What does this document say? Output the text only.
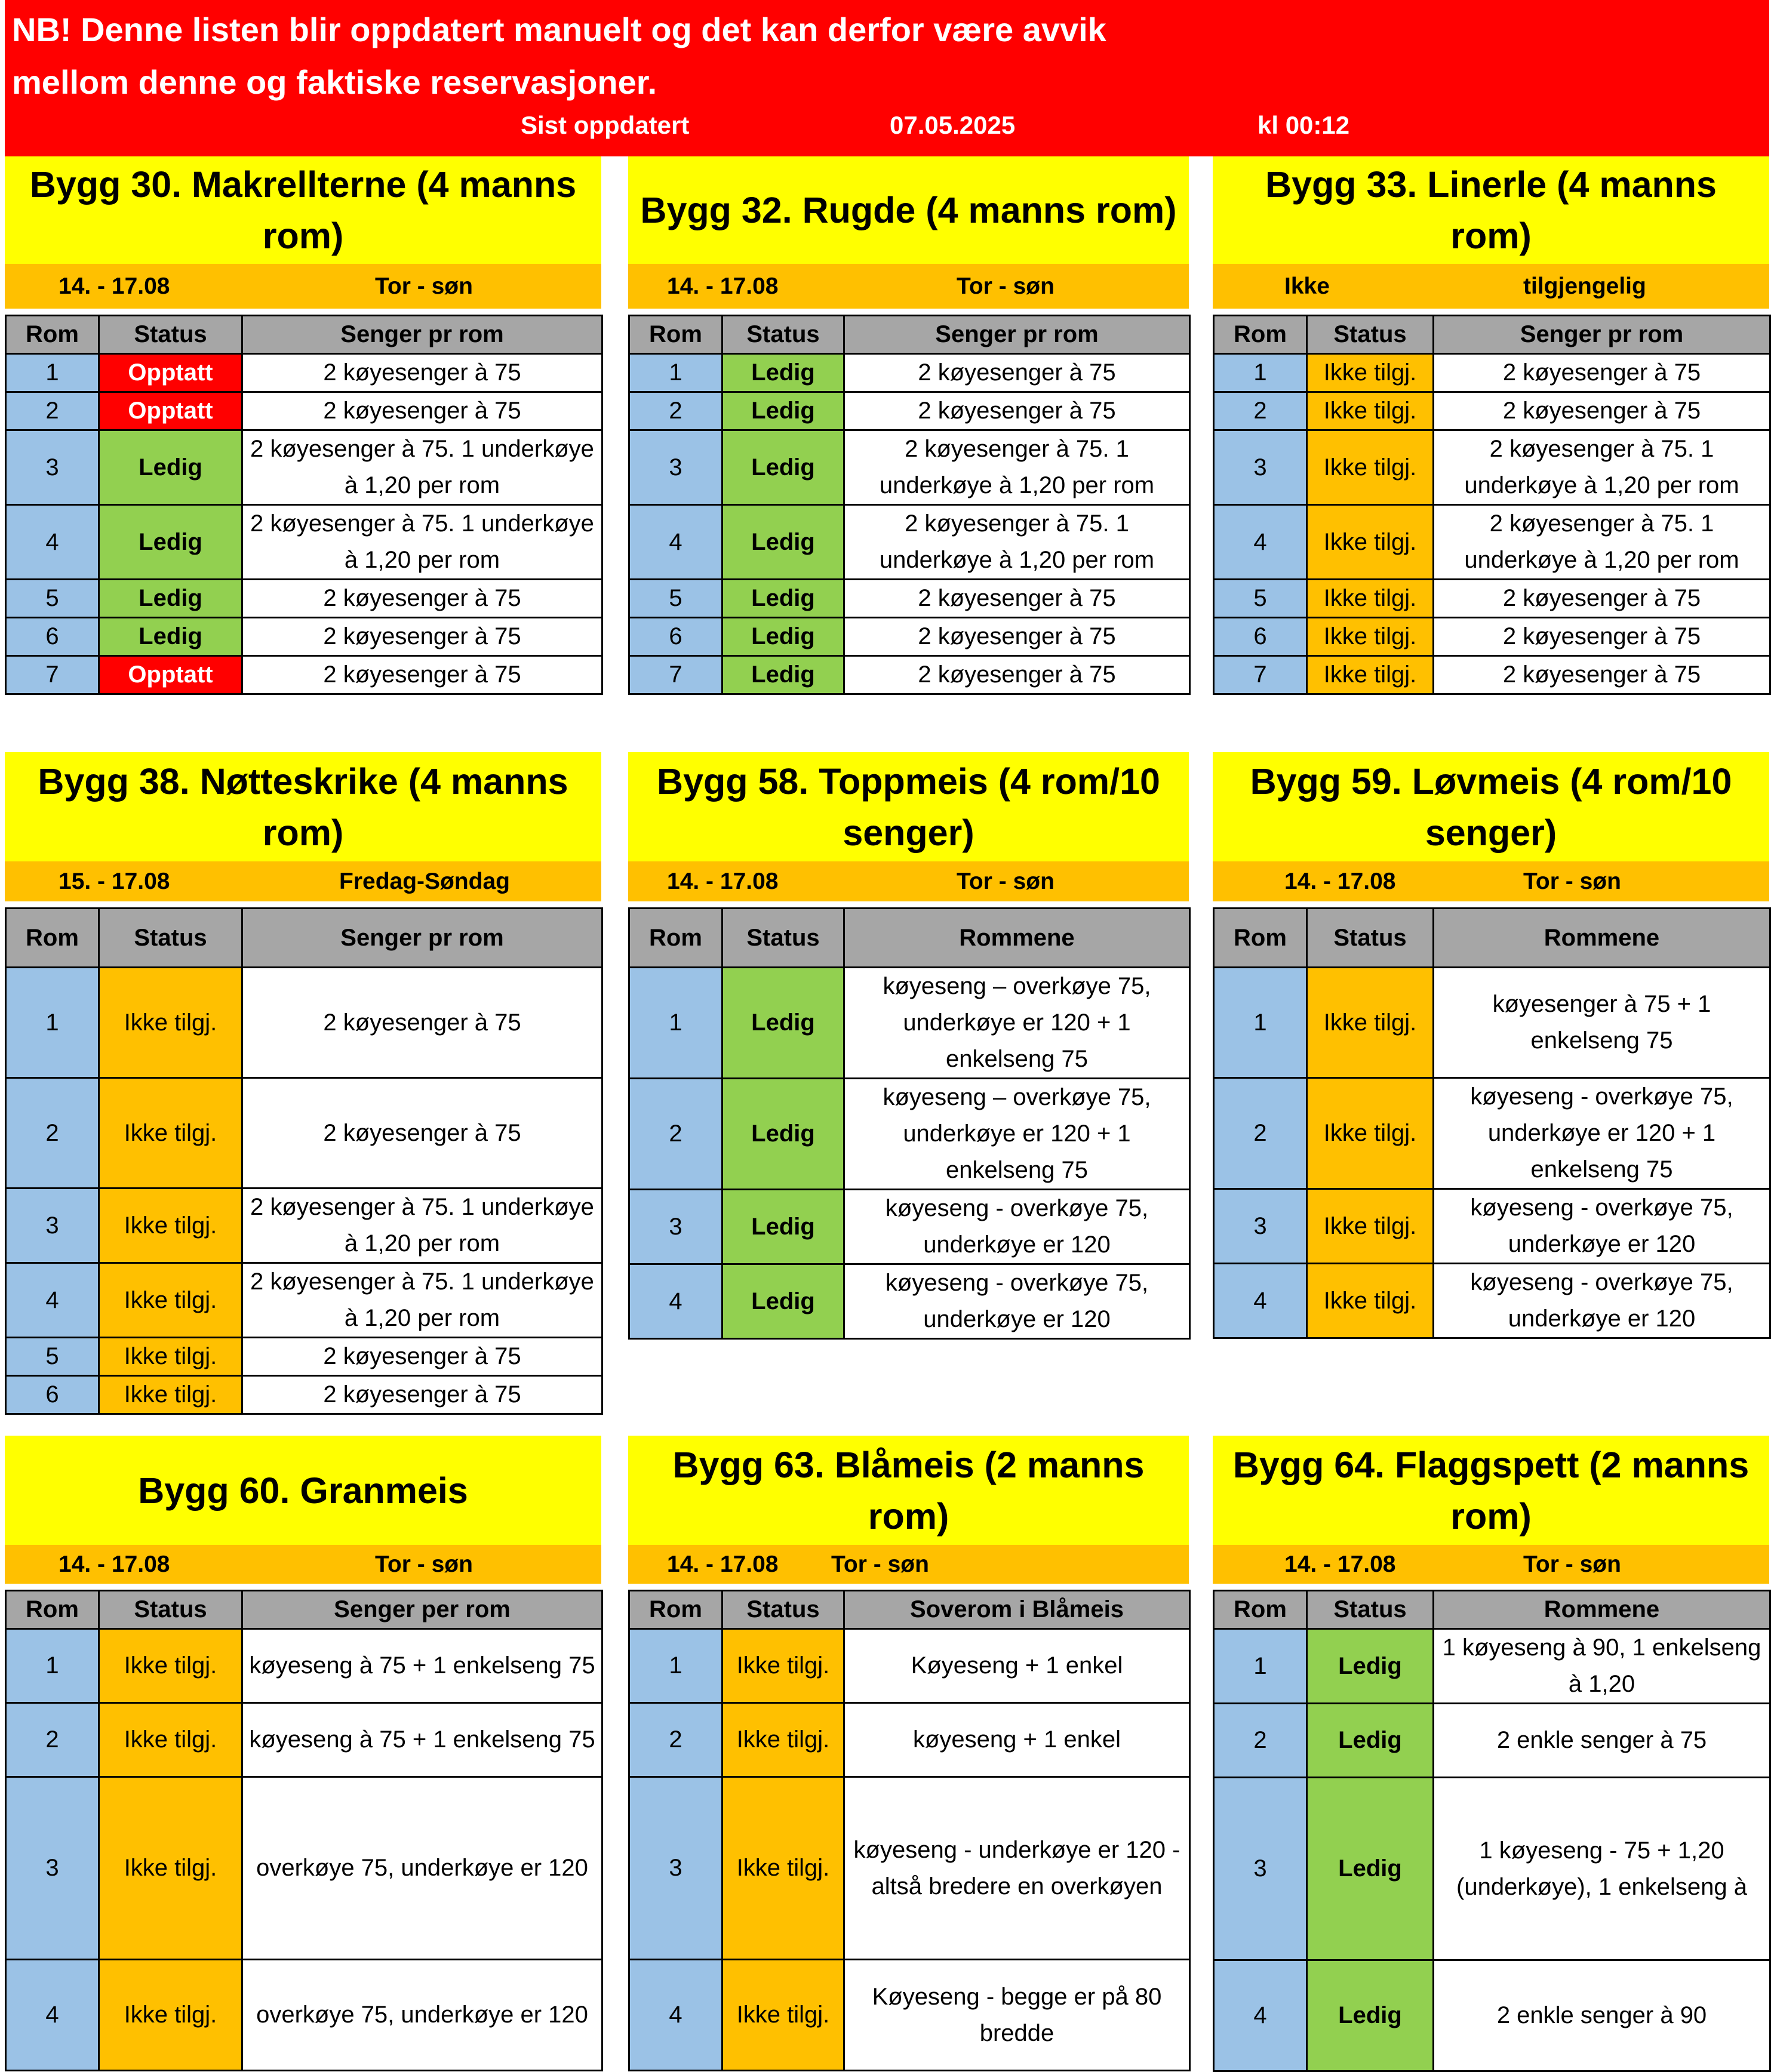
NB! Denne listen blir oppdatert manuelt og det kan derfor være avvik
mellom denne og faktiske reservasjoner.
Sist oppdatert	07.05.2025	kl 00:12
Bygg 30. Makrellterne (4 manns rom)
14. - 17.08	Tor - søn
Rom	Status	Senger pr rom
1	Opptatt	2 køyesenger à 75
2	Opptatt	2 køyesenger à 75
3	Ledig	2 køyesenger à 75. 1 underkøye à 1,20 per rom
4	Ledig	2 køyesenger à 75. 1 underkøye à 1,20 per rom
5	Ledig	2 køyesenger à 75
6	Ledig	2 køyesenger à 75
7	Opptatt	2 køyesenger à 75
Bygg 32. Rugde (4 manns rom)
14. - 17.08	Tor - søn
Rom	Status	Senger pr rom
1	Ledig	2 køyesenger à 75
2	Ledig	2 køyesenger à 75
3	Ledig	2 køyesenger à 75. 1 underkøye à 1,20 per rom
4	Ledig	2 køyesenger à 75. 1 underkøye à 1,20 per rom
5	Ledig	2 køyesenger à 75
6	Ledig	2 køyesenger à 75
7	Ledig	2 køyesenger à 75
Bygg 33. Linerle (4 manns rom)
Ikke	tilgjengelig
Rom	Status	Senger pr rom
1	Ikke tilgj.	2 køyesenger à 75
2	Ikke tilgj.	2 køyesenger à 75
3	Ikke tilgj.	2 køyesenger à 75. 1 underkøye à 1,20 per rom
4	Ikke tilgj.	2 køyesenger à 75. 1 underkøye à 1,20 per rom
5	Ikke tilgj.	2 køyesenger à 75
6	Ikke tilgj.	2 køyesenger à 75
7	Ikke tilgj.	2 køyesenger à 75
Bygg 38. Nøtteskrike (4 manns rom)
15. - 17.08	Fredag-Søndag
Rom	Status	Senger pr rom
1	Ikke tilgj.	2 køyesenger à 75
2	Ikke tilgj.	2 køyesenger à 75
3	Ikke tilgj.	2 køyesenger à 75. 1 underkøye à 1,20 per rom
4	Ikke tilgj.	2 køyesenger à 75. 1 underkøye à 1,20 per rom
5	Ikke tilgj.	2 køyesenger à 75
6	Ikke tilgj.	2 køyesenger à 75
Bygg 58. Toppmeis (4 rom/10 senger)
14. - 17.08	Tor - søn
Rom	Status	Rommene
1	Ledig	køyeseng – overkøye 75, underkøye er 120 + 1 enkelseng 75
2	Ledig	køyeseng – overkøye 75, underkøye er 120 + 1 enkelseng 75
3	Ledig	køyeseng - overkøye 75, underkøye er 120
4	Ledig	køyeseng - overkøye 75, underkøye er 120
Bygg 59. Løvmeis (4 rom/10 senger)
14. - 17.08	Tor - søn
Rom	Status	Rommene
1	Ikke tilgj.	køyesenger à 75 + 1 enkelseng 75
2	Ikke tilgj.	køyeseng - overkøye 75, underkøye er 120 + 1 enkelseng 75
3	Ikke tilgj.	køyeseng - overkøye 75, underkøye er 120
4	Ikke tilgj.	køyeseng - overkøye 75, underkøye er 120
Bygg 60. Granmeis
14. - 17.08	Tor - søn
Rom	Status	Senger per rom
1	Ikke tilgj.	køyeseng à 75 + 1 enkelseng 75
2	Ikke tilgj.	køyeseng à 75 + 1 enkelseng 75
3	Ikke tilgj.	overkøye 75, underkøye er 120
4	Ikke tilgj.	overkøye 75, underkøye er 120
Bygg 63. Blåmeis (2 manns rom)
14. - 17.08 Tor - søn
Rom	Status	Soverom i Blåmeis
1	Ikke tilgj.	Køyeseng + 1 enkel
2	Ikke tilgj.	køyeseng + 1 enkel
3	Ikke tilgj.	køyeseng - underkøye er 120 - altså bredere en overkøyen
4	Ikke tilgj.	Køyeseng - begge er på 80 bredde
Bygg 64. Flaggspett (2 manns rom)
14. - 17.08	Tor - søn
Rom	Status	Rommene
1	Ledig	1 køyeseng à 90, 1 enkelseng à 1,20
2	Ledig	2 enkle senger à 75
3	Ledig	1 køyeseng - 75 + 1,20 (underkøye), 1 enkelseng à
4	Ledig	2 enkle senger à 90
